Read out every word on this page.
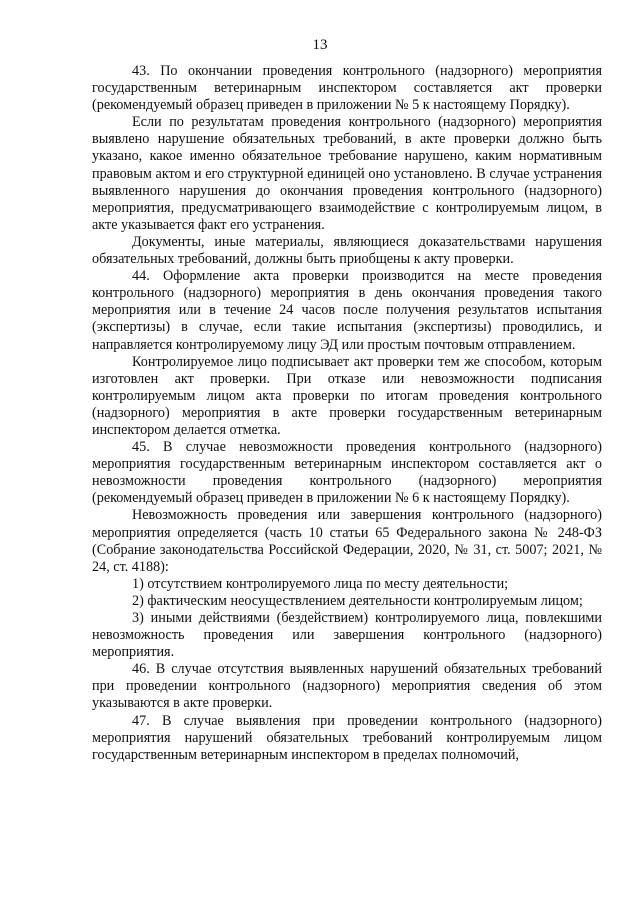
13

43. По окончании проведения контрольного (надзорного) мероприятия государственным ветеринарным инспектором составляется акт проверки (рекомендуемый образец приведен в приложении № 5 к настоящему Порядку).

Если по результатам проведения контрольного (надзорного) мероприятия выявлено нарушение обязательных требований, в акте проверки должно быть указано, какое именно обязательное требование нарушено, каким нормативным правовым актом и его структурной единицей оно установлено. В случае устранения выявленного нарушения до окончания проведения контрольного (надзорного) мероприятия, предусматривающего взаимодействие с контролируемым лицом, в акте указывается факт его устранения.

Документы, иные материалы, являющиеся доказательствами нарушения обязательных требований, должны быть приобщены к акту проверки.

44. Оформление акта проверки производится на месте проведения контрольного (надзорного) мероприятия в день окончания проведения такого мероприятия или в течение 24 часов после получения результатов испытания (экспертизы) в случае, если такие испытания (экспертизы) проводились, и направляется контролируемому лицу ЭД или простым почтовым отправлением.

Контролируемое лицо подписывает акт проверки тем же способом, которым изготовлен акт проверки. При отказе или невозможности подписания контролируемым лицом акта проверки по итогам проведения контрольного (надзорного) мероприятия в акте проверки государственным ветеринарным инспектором делается отметка.

45. В случае невозможности проведения контрольного (надзорного) мероприятия государственным ветеринарным инспектором составляется акт о невозможности проведения контрольного (надзорного) мероприятия (рекомендуемый образец приведен в приложении № 6 к настоящему Порядку).

Невозможность проведения или завершения контрольного (надзорного) мероприятия определяется (часть 10 статьи 65 Федерального закона № 248-ФЗ (Собрание законодательства Российской Федерации, 2020, № 31, ст. 5007; 2021, № 24, ст. 4188):

1) отсутствием контролируемого лица по месту деятельности;

2) фактическим неосуществлением деятельности контролируемым лицом;

3) иными действиями (бездействием) контролируемого лица, повлекшими невозможность проведения или завершения контрольного (надзорного) мероприятия.

46. В случае отсутствия выявленных нарушений обязательных требований при проведении контрольного (надзорного) мероприятия сведения об этом указываются в акте проверки.

47. В случае выявления при проведении контрольного (надзорного) мероприятия нарушений обязательных требований контролируемым лицом государственным ветеринарным инспектором в пределах полномочий,
